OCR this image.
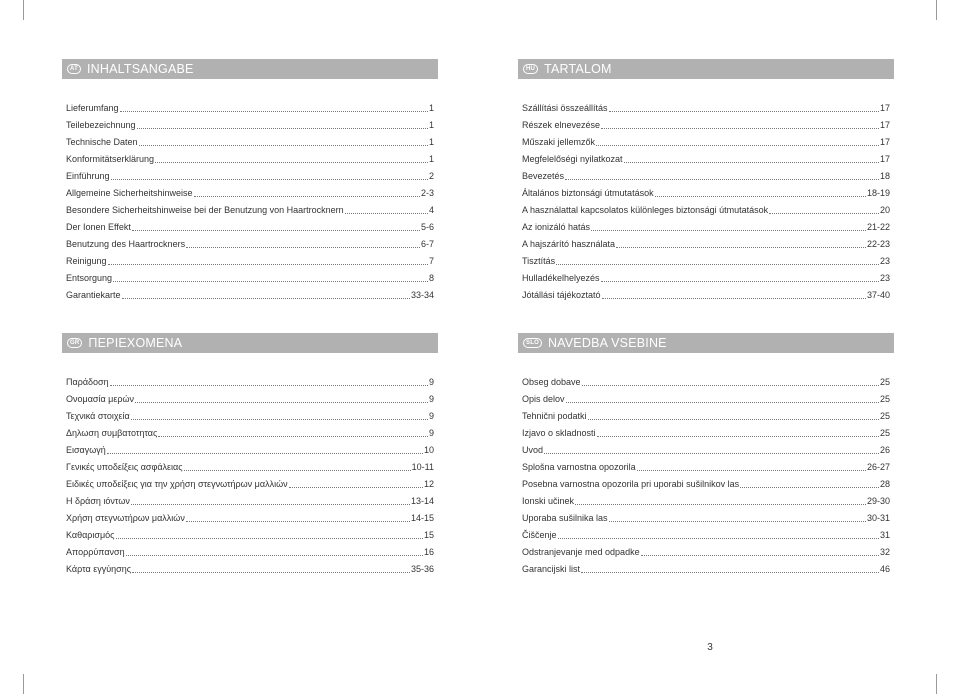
AT INHALTSANGABE
Lieferumfang	1
Teilebezeichnung	1
Technische Daten	1
Konformitätserklärung	1
Einführung	2
Allgemeine Sicherheitshinweise	2-3
Besondere Sicherheitshinweise bei der Benutzung von Haartrocknern	4
Der Ionen Effekt	5-6
Benutzung des Haartrockners	6-7
Reinigung	7
Entsorgung	8
Garantiekarte	33-34
HU TARTALOM
Szállítási összeállítás	17
Részek elnevezése	17
Műszaki jellemzők	17
Megfelelőségi nyilatkozat	17
Bevezetés	18
Általános biztonsági útmutatások	18-19
A használattal kapcsolatos különleges biztonsági útmutatások	20
Az ionizáló hatás	21-22
A hajszárító használata	22-23
Tisztítás	23
Hulladékelhelyezés	23
Jótállási tájékoztató	37-40
GR ΠΕΡΙΕΧΟΜΕΝΑ
Παράδοση	9
Ονομασία μερών	9
Τεχνικά στοιχεία	9
Δηλωση συμβατοτητας	9
Εισαγωγή	10
Γενικές υποδείξεις ασφάλειας	10-11
Ειδικές υποδείξεις για την χρήση στεγνωτήρων μαλλιών	12
Η δράση ιόντων	13-14
Χρήση στεγνωτήρων μαλλιών	14-15
Καθαρισμός	15
Απορρύπανση	16
Κάρτα εγγύησης	35-36
SLO NAVEDBA VSEBINE
Obseg dobave	25
Opis delov	25
Tehnični podatki	25
Izjavo o skladnosti	25
Uvod	26
Splošna varnostna opozorila	26-27
Posebna varnostna opozorila pri uporabi sušilnikov las	28
Ionski učinek	29-30
Uporaba sušilnika las	30-31
Čiščenje	31
Odstranjevanje med odpadke	32
Garancijski list	46
3
